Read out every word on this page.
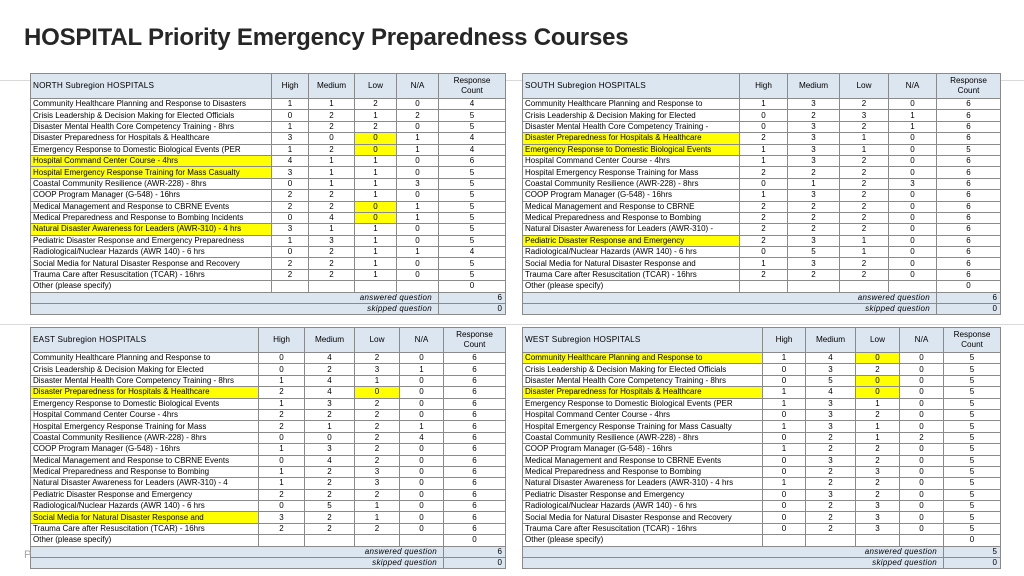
HOSPITAL Priority Emergency Preparedness Courses
NORTH Subregion HOSPITALS	High	Medium	Low	N/A	Response
Count

Community Healthcare Planning and Response to Disasters	1	1	2	0	4
Crisis Leadership & Decision Making for Elected Officials	0	2	1	2	5
Disaster Mental Health Core Competency Training - 8hrs	1	2	2	0	5
Disaster Preparedness for Hospitals & Healthcare	3	0	0	1	4
Emergency Response to Domestic Biological Events (PER	1	2	0	1	4
Hospital Command Center Course - 4hrs	4	1	1	0	6
Hospital Emergency Response Training for Mass Casualty	3	1	1	0	5
Coastal Community Resilience (AWR-228) - 8hrs	0	1	1	3	5
COOP Program Manager (G-548) - 16hrs	2	2	1	0	5
Medical Management and Response to CBRNE Events	2	2	0	1	5
Medical Preparedness and Response to Bombing Incidents	0	4	0	1	5
Natural Disaster Awareness for Leaders (AWR-310) - 4 hrs	3	1	1	0	5
Pediatric Disaster Response and Emergency Preparedness	1	3	1	0	5
Radiological/Nuclear Hazards (AWR 140) - 6 hrs	0	2	1	1	4
Social Media for Natural Disaster Response and Recovery	2	2	1	0	5
Trauma Care after Resuscitation (TCAR) - 16hrs	2	2	1	0	5
Other (please specify)					0
answered question					6
skipped question					0
SOUTH Subregion HOSPITALS	High	Medium	Low	N/A	Response
Count

Community Healthcare Planning and Response to	1	3	2	0	6
Crisis Leadership & Decision Making for Elected	0	2	3	1	6
Disaster Mental Health Core Competency Training -	0	3	2	1	6
Disaster Preparedness for Hospitals & Healthcare	2	3	1	0	6
Emergency Response to Domestic Biological Events	1	3	1	0	5
Hospital Command Center Course - 4hrs	1	3	2	0	6
Hospital Emergency Response Training for Mass	2	2	2	0	6
Coastal Community Resilience (AWR-228) - 8hrs	0	1	2	3	6
COOP Program Manager (G-548) - 16hrs	1	3	2	0	6
Medical Management and Response to CBRNE	2	2	2	0	6
Medical Preparedness and Response to Bombing	2	2	2	0	6
Natural Disaster Awareness for Leaders (AWR-310) -	2	2	2	0	6
Pediatric Disaster Response and Emergency	2	3	1	0	6
Radiological/Nuclear Hazards (AWR 140) - 6 hrs	0	5	1	0	6
Social Media for Natural Disaster Response and	1	3	2	0	6
Trauma Care after Resuscitation (TCAR) - 16hrs	2	2	2	0	6
Other (please specify)					0
answered question					6
skipped question					0
EAST Subregion HOSPITALS	High	Medium	Low	N/A	Response
Count

Community Healthcare Planning and Response to	0	4	2	0	6
Crisis Leadership & Decision Making for Elected	0	2	3	1	6
Disaster Mental Health Core Competency Training - 8hrs	1	4	1	0	6
Disaster Preparedness for Hospitals & Healthcare	2	4	0	0	6
Emergency Response to Domestic Biological Events	1	3	2	0	6
Hospital Command Center Course - 4hrs	2	2	2	0	6
Hospital Emergency Response Training for Mass	2	1	2	1	6
Coastal Community Resilience (AWR-228) - 8hrs	0	0	2	4	6
COOP Program Manager (G-548) - 16hrs	1	3	2	0	6
Medical Management and Response to CBRNE Events	0	4	2	0	6
Medical Preparedness and Response to Bombing	1	2	3	0	6
Natural Disaster Awareness for Leaders (AWR-310) - 4	1	2	3	0	6
Pediatric Disaster Response and Emergency	2	2	2	0	6
Radiological/Nuclear Hazards (AWR 140) - 6 hrs	0	5	1	0	6
Social Media for Natural Disaster Response and	3	2	1	0	6
Trauma Care after Resuscitation (TCAR) - 16hrs	2	2	2	0	6
Other (please specify)					0
answered question					6
skipped question					0
WEST Subregion HOSPITALS	High	Medium	Low	N/A	Response
Count

Community Healthcare Planning and Response to	1	4	0	0	5
Crisis Leadership & Decision Making for Elected Officials	0	3	2	0	5
Disaster Mental Health Core Competency Training - 8hrs	0	5	0	0	5
Disaster Preparedness for Hospitals & Healthcare	1	4	0	0	5
Emergency Response to Domestic Biological Events (PER	1	3	1	0	5
Hospital Command Center Course - 4hrs	0	3	2	0	5
Hospital Emergency Response Training for Mass Casualty	1	3	1	0	5
Coastal Community Resilience (AWR-228) - 8hrs	0	2	1	2	5
COOP Program Manager (G-548) - 16hrs	1	2	2	0	5
Medical Management and Response to CBRNE Events	0	3	2	0	5
Medical Preparedness and Response to Bombing	0	2	3	0	5
Natural Disaster Awareness for Leaders (AWR-310) - 4 hrs	1	2	2	0	5
Pediatric Disaster Response and Emergency	0	3	2	0	5
Radiological/Nuclear Hazards (AWR 140) - 6 hrs	0	2	3	0	5
Social Media for Natural Disaster Response and Recovery	0	2	3	0	5
Trauma Care after Resuscitation (TCAR) - 16hrs	0	2	3	0	5
Other (please specify)					0
answered question					5
skipped question					0
P
